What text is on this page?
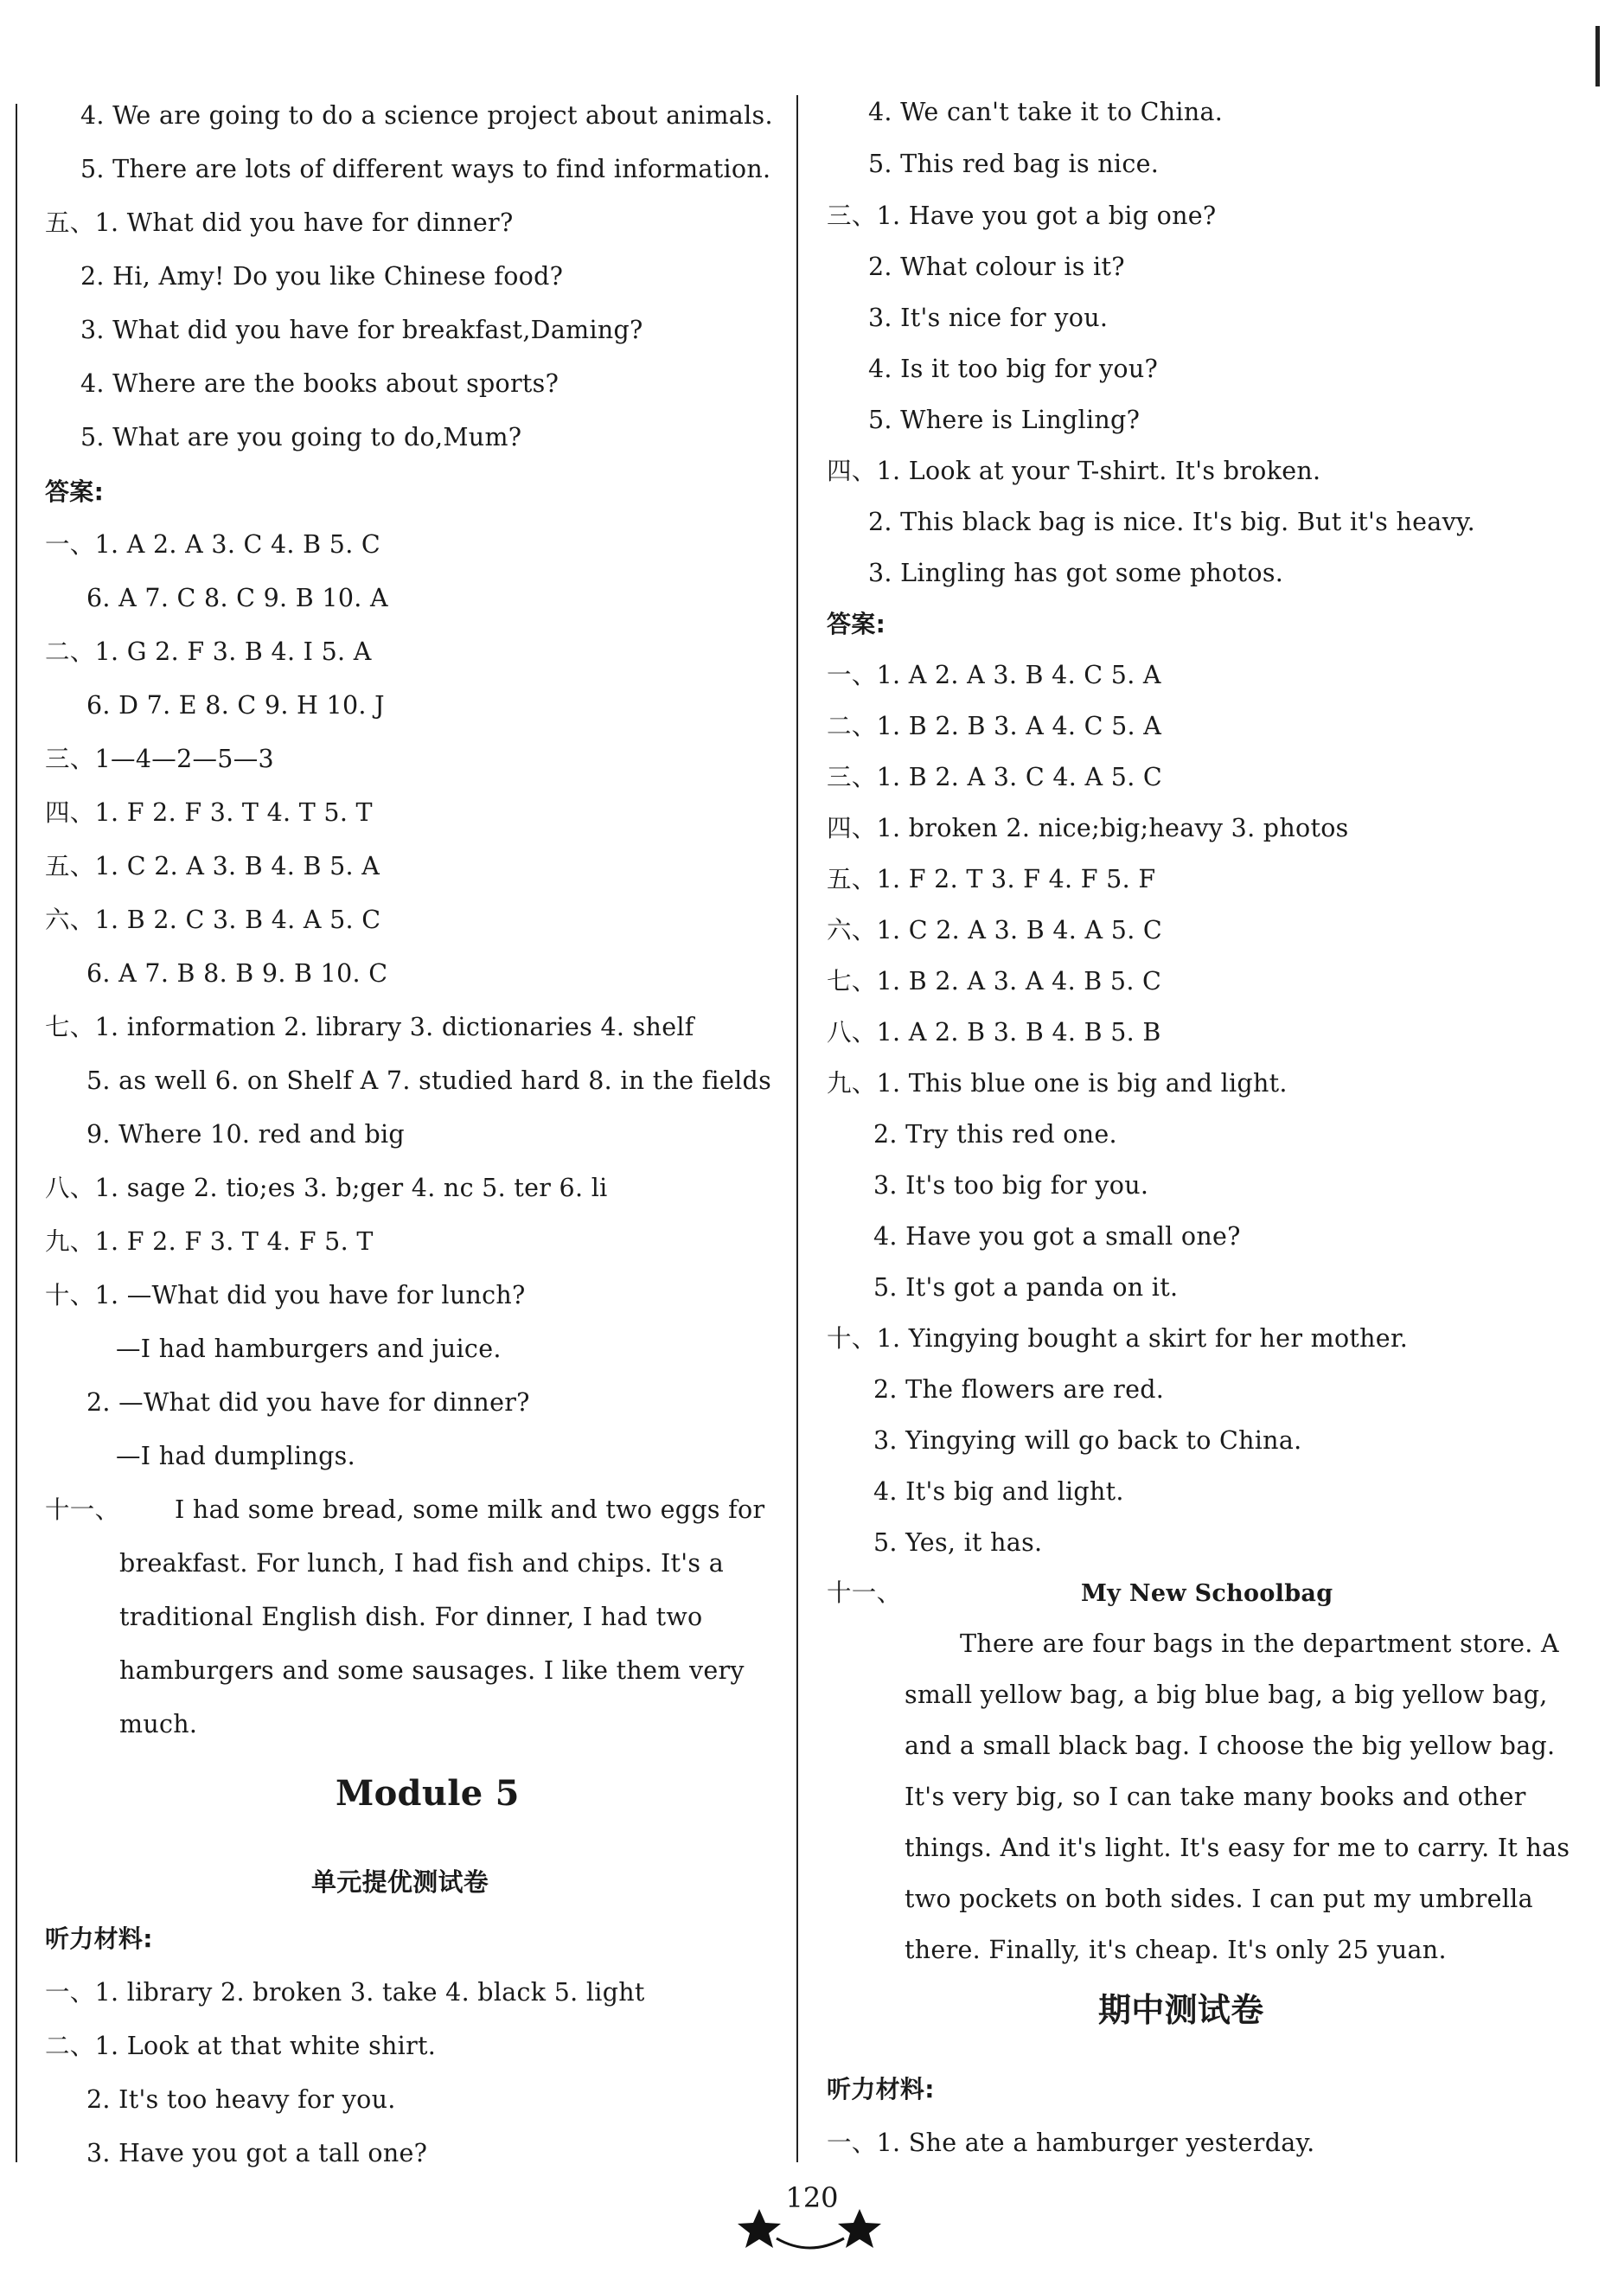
4. We are going to do a science project about animals.
5. There are lots of different ways to find information.
五、1. What did you have for dinner?
2. Hi, Amy! Do you like Chinese food?
3. What did you have for breakfast,Daming?
4. Where are the books about sports?
5. What are you going to do,Mum?
答案:
一、1. A 2. A 3. C 4. B 5. C
6. A 7. C 8. C 9. B 10. A
二、1. G 2. F 3. B 4. I 5. A
6. D 7. E 8. C 9. H 10. J
三、1—4—2—5—3
四、1. F 2. F 3. T 4. T 5. T
五、1. C 2. A 3. B 4. B 5. A
六、1. B 2. C 3. B 4. A 5. C
6. A 7. B 8. B 9. B 10. C
七、1. information 2. library 3. dictionaries 4. shelf
5. as well 6. on Shelf A 7. studied hard 8. in the fields
9. Where 10. red and big
八、1. sage 2. tio;es 3. b;ger 4. nc 5. ter 6. li
九、1. F 2. F 3. T 4. F 5. T
十、1. —What did you have for lunch?
—I had hamburgers and juice.
2. —What did you have for dinner?
—I had dumplings.
十一、 I had some bread, some milk and two eggs for
breakfast. For lunch, I had fish and chips. It's a
traditional English dish. For dinner, I had two
hamburgers and some sausages. I like them very
much.
Module 5
单元提优测试卷
听力材料:
一、1. library 2. broken 3. take 4. black 5. light
二、1. Look at that white shirt.
2. It's too heavy for you.
3. Have you got a tall one?
4. We can't take it to China.
5. This red bag is nice.
三、1. Have you got a big one?
2. What colour is it?
3. It's nice for you.
4. Is it too big for you?
5. Where is Lingling?
四、1. Look at your T-shirt. It's broken.
2. This black bag is nice. It's big. But it's heavy.
3. Lingling has got some photos.
答案:
一、1. A 2. A 3. B 4. C 5. A
二、1. B 2. B 3. A 4. C 5. A
三、1. B 2. A 3. C 4. A 5. C
四、1. broken 2. nice;big;heavy 3. photos
五、1. F 2. T 3. F 4. F 5. F
六、1. C 2. A 3. B 4. A 5. C
七、1. B 2. A 3. A 4. B 5. C
八、1. A 2. B 3. B 4. B 5. B
九、1. This blue one is big and light.
2. Try this red one.
3. It's too big for you.
4. Have you got a small one?
5. It's got a panda on it.
十、1. Yingying bought a skirt for her mother.
2. The flowers are red.
3. Yingying will go back to China.
4. It's big and light.
5. Yes, it has.
十一、	My New Schoolbag
There are four bags in the department store. A
small yellow bag, a big blue bag, a big yellow bag,
and a small black bag. I choose the big yellow bag.
It's very big, so I can take many books and other
things. And it's light. It's easy for me to carry. It has
two pockets on both sides. I can put my umbrella
there. Finally, it's cheap. It's only 25 yuan.
期中测试卷
听力材料:
一、1. She ate a hamburger yesterday.
120
